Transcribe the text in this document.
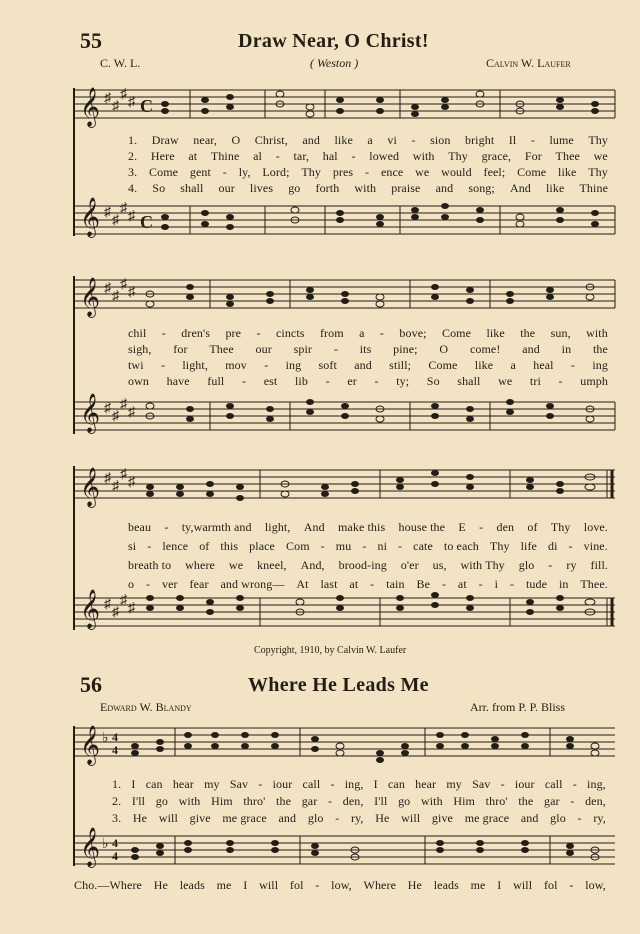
55	Draw Near, O Christ!
C. W. L.	( Weston )	Calvin W. Laufer
𝄞 ♯
♯
♯
♯ C
𝄞 ♯
♯
♯
♯ C
1. Draw near, O Christ, and like a vi - sion bright Il - lume Thy
2. Here at Thine al - tar, hal - lowed with Thy grace, For Thee we
3. Come gent - ly, Lord; Thy pres - ence we would feel; Come like Thy
4. So shall our lives go forth with praise and song; And like Thine
𝄞 ♯
♯
♯
♯
𝄞 ♯
♯
♯
♯
chil - dren's pre - cincts from a - bove; Come like the sun, with
sigh, for Thee our spir - its pine; O come! and in the
twi - light, mov - ing soft and still; Come like a heal - ing
own have full - est lib - er - ty; So shall we tri - umph
𝄞 ♯
♯
♯
♯
𝄞 ♯
♯
♯
♯
beau - ty,warmth and light, And make this house the E - den of Thy love.
si - lence of this place Com - mu - ni - cate to each Thy life di - vine.
breath to where we kneel, And, brood-ing o'er us, with Thy glo - ry fill.
o - ver fear and wrong— At last at - tain Be - at - i - tude in Thee.
Copyright, 1910, by Calvin W. Laufer
56	Where He Leads Me
Edward W. Blandy	Arr. from P. P. Bliss
𝄞 ♭ 4
4
𝄞 ♭ 4
4
1. I can hear my Sav - iour call - ing, I can hear my Sav - iour call - ing,
2. I'll go with Him thro' the gar - den, I'll go with Him thro' the gar - den,
3. He will give me grace and glo - ry, He will give me grace and glo - ry,
Cho.—Where He leads me I will fol - low, Where He leads me I will fol - low,
